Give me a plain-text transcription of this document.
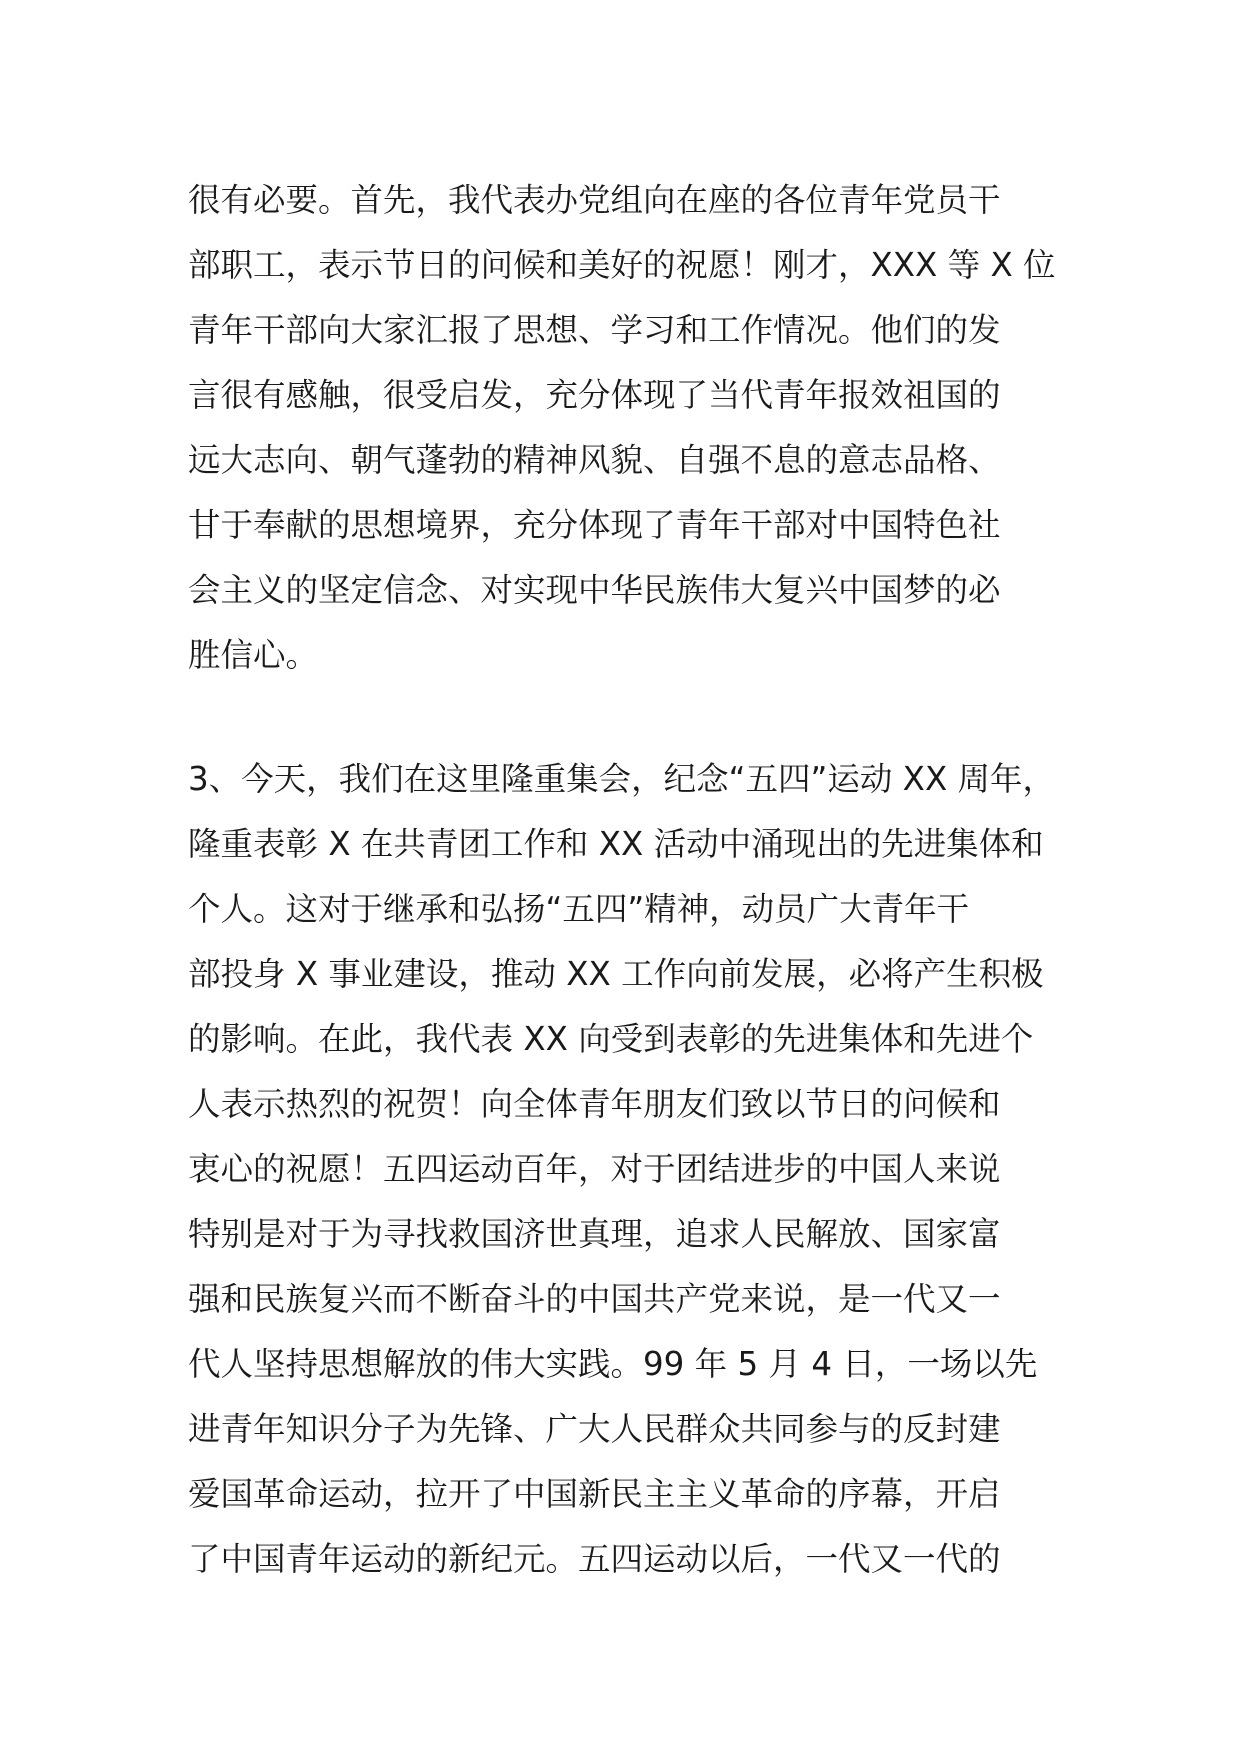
很有必要。首先，我代表办党组向在座的各位青年党员干
部职工，表示节日的问候和美好的祝愿！刚才，XXX 等 X 位
青年干部向大家汇报了思想、学习和工作情况。他们的发
言很有感触，很受启发，充分体现了当代青年报效祖国的
远大志向、朝气蓬勃的精神风貌、自强不息的意志品格、
甘于奉献的思想境界，充分体现了青年干部对中国特色社
会主义的坚定信念、对实现中华民族伟大复兴中国梦的必
胜信心。
3、今天，我们在这里隆重集会，纪念“五四”运动 XX 周年，
隆重表彰 X 在共青团工作和 XX 活动中涌现出的先进集体和
个人。这对于继承和弘扬“五四”精神，动员广大青年干
部投身 X 事业建设，推动 XX 工作向前发展，必将产生积极
的影响。在此，我代表 XX 向受到表彰的先进集体和先进个
人表示热烈的祝贺！向全体青年朋友们致以节日的问候和
衷心的祝愿！五四运动百年，对于团结进步的中国人来说
特别是对于为寻找救国济世真理，追求人民解放、国家富
强和民族复兴而不断奋斗的中国共产党来说，是一代又一
代人坚持思想解放的伟大实践。99 年 5 月 4 日，一场以先
进青年知识分子为先锋、广大人民群众共同参与的反封建
爱国革命运动，拉开了中国新民主主义革命的序幕，开启
了中国青年运动的新纪元。五四运动以后，一代又一代的
